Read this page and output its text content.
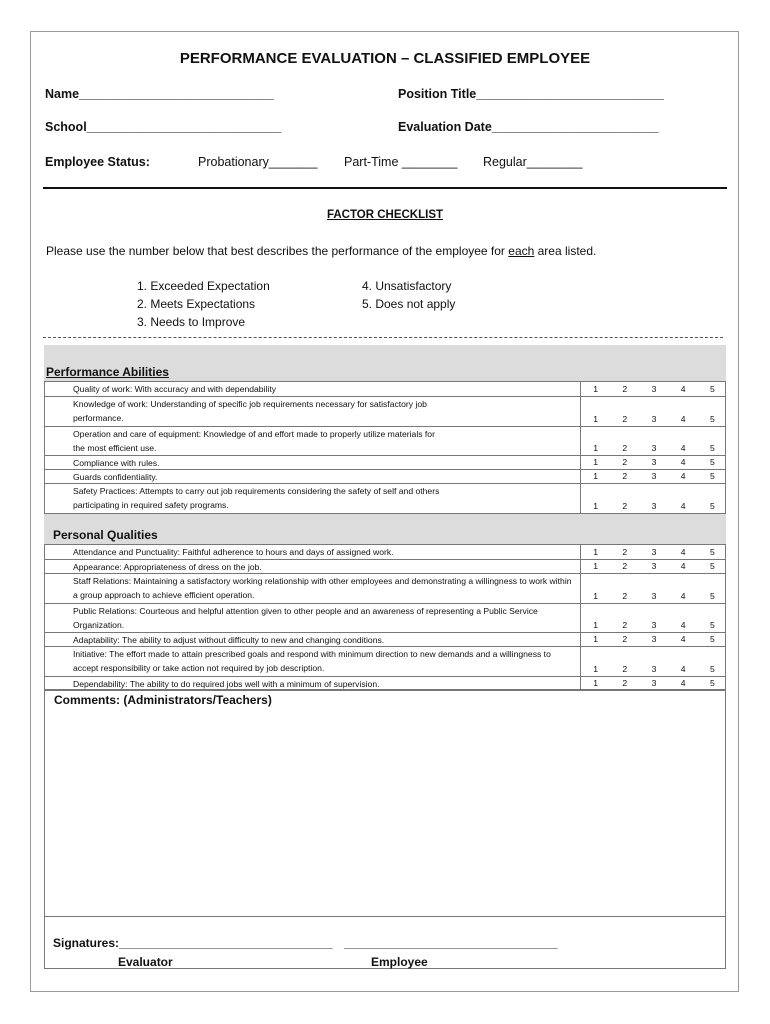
PERFORMANCE EVALUATION – CLASSIFIED EMPLOYEE
Name____________________________	Position Title___________________________
School____________________________	Evaluation Date________________________
Employee Status:	Probationary_______ Part-Time ________ Regular________
FACTOR CHECKLIST
Please use the number below that best describes the performance of the employee for each area listed.
1. Exceeded Expectation
2. Meets Expectations
3. Needs to Improve
4. Unsatisfactory
5. Does not apply
Performance Abilities
Quality of work: With accuracy and with dependability	1	2	3	4	5
Knowledge of work: Understanding of specific job requirements necessary for satisfactory job performance.	1	2	3	4	5
Operation and care of equipment: Knowledge of and effort made to properly utilize materials for the most efficient use.	1	2	3	4	5
Compliance with rules.	1	2	3	4	5
Guards confidentiality.	1	2	3	4	5
Safety Practices: Attempts to carry out job requirements considering the safety of self and others participating in required safety programs.	1	2	3	4	5
Personal Qualities
Attendance and Punctuality: Faithful adherence to hours and days of assigned work.	1	2	3	4	5
Appearance: Appropriateness of dress on the job.	1	2	3	4	5
Staff Relations: Maintaining a satisfactory working relationship with other employees and demonstrating a willingness to work within a group approach to achieve efficient operation.	1	2	3	4	5
Public Relations: Courteous and helpful attention given to other people and an awareness of representing a Public Service Organization.	1	2	3	4	5
Adaptability: The ability to adjust without difficulty to new and changing conditions.	1	2	3	4	5
Initiative: The effort made to attain prescribed goals and respond with minimum direction to new demands and a willingness to accept responsibility or take action not required by job description.	1	2	3	4	5
Dependability: The ability to do required jobs well with a minimum of supervision.	1	2	3	4	5
Comments: (Administrators/Teachers)
Signatures:________________________________ ________________________________
Evaluator	Employee
